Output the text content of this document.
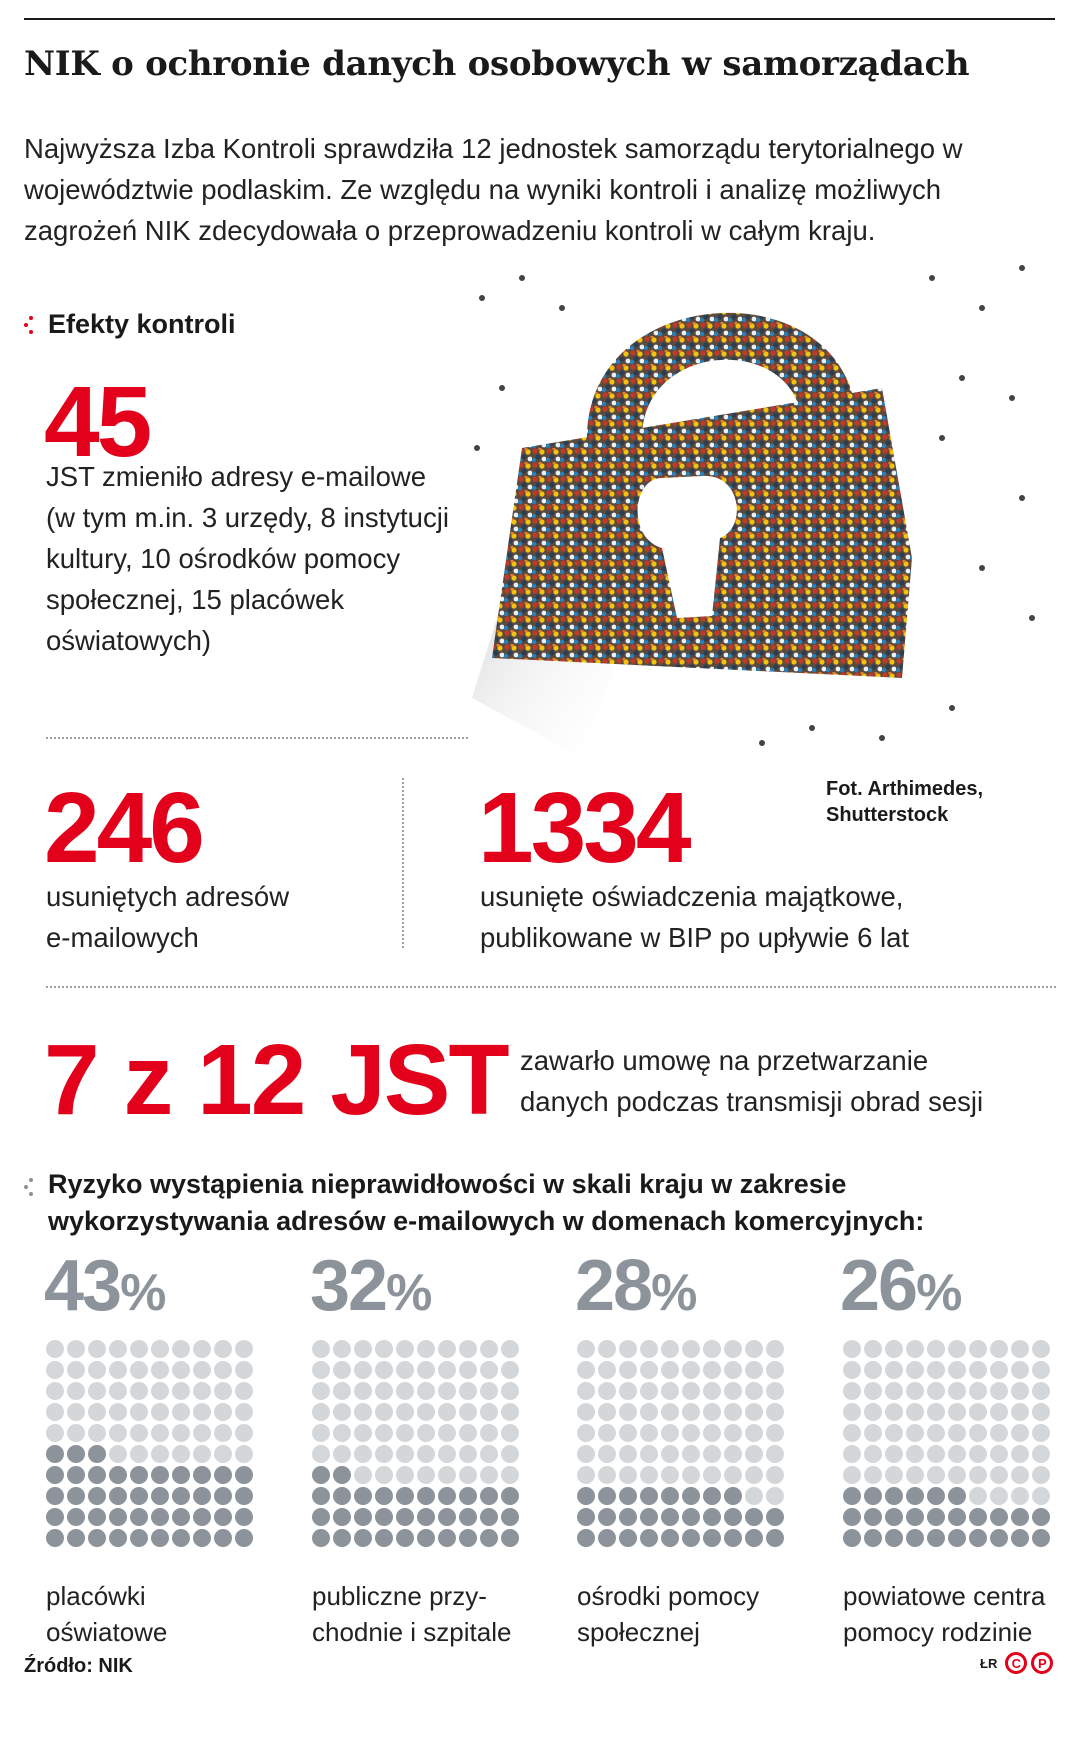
NIK o ochronie danych osobowych w samorządach

Najwyższa Izba Kontroli sprawdziła 12 jednostek samorządu terytorialnego w województwie podlaskim. Ze względu na wyniki kontroli i analizę możliwych zagrożeń NIK zdecydowała o przeprowadzeniu kontroli w całym kraju.

Efekty kontroli
45
JST zmieniło adresy e-mailowe
(w tym m.in. 3 urzędy, 8 instytucji
kultury, 10 ośrodków pomocy
społecznej, 15 placówek
oświatowych)
246
usuniętych adresów
e-mailowych
1334	Fot. Arthimedes,
Shutterstock
usunięte oświadczenia majątkowe,
publikowane w BIP po upływie 6 lat
7 z 12 JST zawarło umowę na przetwarzanie
danych podczas transmisji obrad sesji
Ryzyko wystąpienia nieprawidłowości w skali kraju w zakresie
wykorzystywania adresów e-mailowych w domenach komercyjnych:
43% 32% 28% 26%
placówki
oświatowe
publiczne przy-
chodnie i szpitale
ośrodki pomocy
społecznej
powiatowe centra
pomocy rodzinie
Źródło: NIK	ŁR	C	P
